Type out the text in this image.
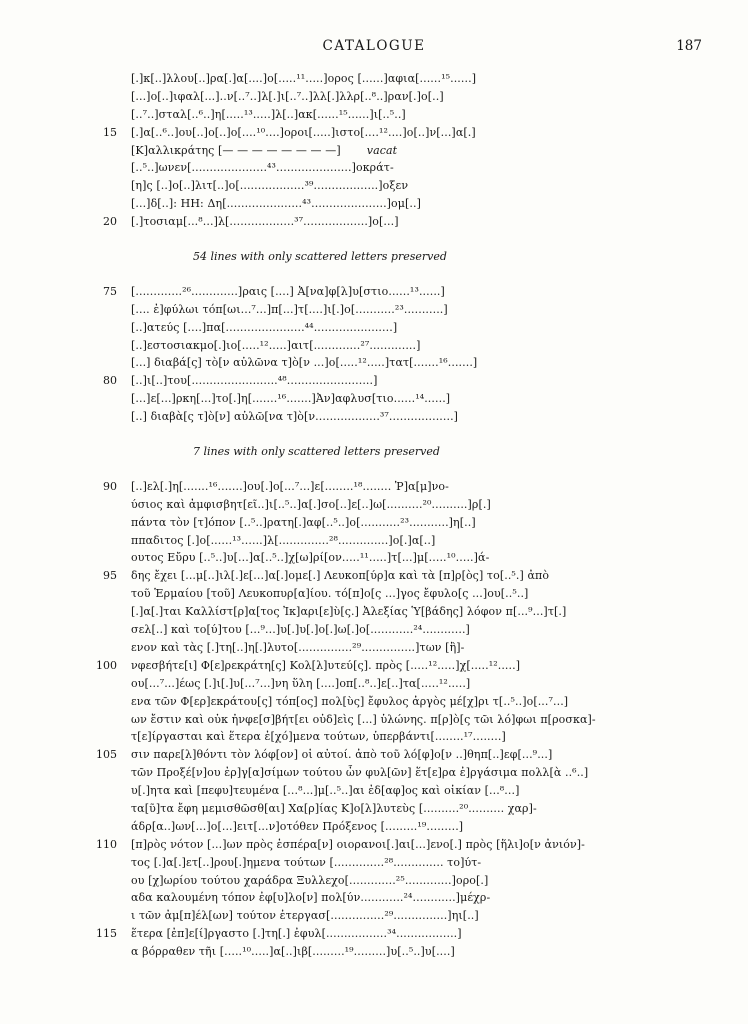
CATALOGUE	187
[.]κ[..]λλου[..]ρα[.]α[....]ο[.....¹¹.....]ορος [......]αφια[......¹⁵......]
[...]ο[..]ιφαλ[...]..ν[..⁷..]λ[.]ι[..⁷..]λλ[.]λλρ[..⁸..]ραν[.]ο[..]
[..⁷..]σταλ[..⁶..]η[.....¹³.....]λ[..]ακ[......¹⁵......]ι[..⁵..]
15 [.]α[..⁶..]ου[..]ο[..]ο[....¹⁰....]οροι[.....]ιστο[....¹²....]ο[..]ν[...]α[.]
[Κ]αλλικράτης [— — — — — — — —] vacat
[..⁵..]ωνεν[.....................⁴³.....................]οκράτ-
[η]ς [..]ο[..]λιτ[..]ο[..................³⁹..................]οξεν
[...]δ[..]: ΗΗ: Δη[.....................⁴³.....................]ομ[..]
20 [.]τοσιαμ[...⁸...]λ[..................³⁷..................]ο[...]
54 lines with only scattered letters preserved
75 [.............²⁶.............]ραις [....] Ἀ[να]φ[λ]υ[στιο......¹³......]
[.... ἐ]φύλωι τόπ[ωι...⁷...]π[...]τ[....]ι[.]ο[...........²³...........]
[..]ατεύς [....]πα[......................⁴⁴......................]
[..]εστοσιακμο[.]ιο[.....¹².....]αιτ[.............²⁷.............]
[...] διαβά[ς] τὸ[ν αὐλῶνα τ]ὸ[ν ...]ο[.....¹².....]τατ[.......¹⁶.......]
80 [..]ι[..]του[........................⁴⁸........................]
[...]ε[...]ρκη[...]το[.]η[.......¹⁶.......]Ἀν]αφλυσ[τιο......¹⁴......]
[..] διαβὰ[ς τ]ὸ[ν] αὐλῶ[να τ]ὸ[ν..................³⁷..................]
7 lines with only scattered letters preserved
90 [..]ελ[.]η[.......¹⁶.......]ου[.]ο[...⁷...]ε[........¹⁸........ Ῥ]α[μ]νο-
ύσιος καὶ ἀμφισβητ[εῖ..]ι[..⁵..]α[.]σο[..]ε[..]ω[..........²⁰..........]ρ[.]
πάντα τὸν [τ]όπον [..⁵..]ρατη[.]αφ[..⁵..]ο[...........²³...........]η[..]
ππαδιτος [.]ο[......¹³......]λ[..............²⁸..............]ο[.]α[..]
ουτος Εὔρυ [..⁵..]υ[...]α[..⁵..]χ[ω]ρί[ον.....¹¹.....]τ[...]μ[.....¹⁰.....]ά-
95 δης ἔχει [...μ[..]ιλ[.]ε[...]α[.]ομε[.] Λευκοπ[ύρ]α καὶ τὰ [π]ρ[ὸς] το[..⁵.] ἀπὸ
τοῦ Ἑρμαίου [τοῦ] Λευκοπυρ[α]ίου. τό[π]ο[ς ...]γος ἔφυλο[ς ...]ου[..⁵..]
[.]α[.]ται Καλλίστ[ρ]α[τος Ἰκ]αρι[ε]ὺ[ς.] Ἀλεξίας Ὑ[βάδης] λόφον π[...⁹...]τ[.]
σελ[..] καὶ το[ύ]του [...⁹...]υ[.]υ[.]ο[.]ω[.]ο[............²⁴............]
ενον καὶ τὰς [.]τη[..]η[.]λυτο[...............²⁹...............]των [ἢ]-
100 νφεσβήτε[ι] Φ[ε]ρεκράτη[ς] Κολ[λ]υτεύ[ς]. πρὸς [.....¹².....]χ[.....¹².....]
ου[...⁷...]έως [.]ι[.]υ[...⁷...]νη ὕλη [....]οπ[..⁸..]ε[..]τα[.....¹².....]
ενα τῶν Φ[ερ]εκράτου[ς] τόπ[ος] πολ[ὺς] ἔφυλος ἀργὸς μέ[χ]ρι τ[..⁵..]ο[...⁷...]
ων ἔστιν καὶ οὐκ ἠνφε[σ]βήτ[ει οὐδ]εὶς [...] ὑλώνης. π[ρ]ὸ[ς τῶι λό]φωι π[ροσκα]-
τ[ε]ίργασται καὶ ἕτερα ἐ[χό]μενα τούτων, ὑπερβάντι[........¹⁷........]
105 σιν παρε[λ]θόντι τὸν λόφ[ον] οἱ αὐτοί. ἀπὸ τοῦ λό[φ]ο[ν ..]θηπ[..]εφ[...⁹...]
τῶν Προξέ[ν]ου ἐρ]γ[α]σίμων τούτου ὧν φυλ[ῶν] ἕτ[ε]ρα ἐ]ργάσιμα πολλ[ὰ ..⁶..]
υ[.]ητα καὶ [πεφυ]τευμένα [...⁸...]μ[..⁵..]αι ἐδ[αφ]ος καὶ οἰκίαν [...⁸...]
τα[ῦ]τα ἔφη μεμισθῶσθ[αι] Χα[ρ]ίας Κ]ο[λ]λυτεὺς [..........²⁰.......... χαρ]-
άδρ[α..]ων[...]ο[...]ειτ[...ν]οτόθεν Πρόξενος [.........¹⁹.........]
110 [π]ρὸς νότον [...]ων πρὸς ἑσπέρα[ν] οιορανοι[.]αι[...]ενο[.] πρὸς [ἥλι]ο[ν ἀνιόν]-
τος [.]α[.]ετ[..]ρου[.]ημενα τούτων [..............²⁸.............. το]ύτ-
ου [χ]ωρίου τούτου χαράδρα Ξυλλεχο[.............²⁵.............]ορο[.]
αδα καλουμένη τόπον ἐφ[υ]λο[ν] πολ[ύν............²⁴............]μέχρ-
ι τῶν ἀμ[π]έλ[ων] τούτον ἐτεργασ[...............²⁹...............]ηι[..]
115 ἕτερα [ἐπ]ε[ί]ργαστο [.]τη[.] ἐφυλ[.................³⁴.................]
α βόρραθεν τῆι [.....¹⁰.....]α[..]ιβ[.........¹⁹.........]υ[..⁵..]υ[....]
